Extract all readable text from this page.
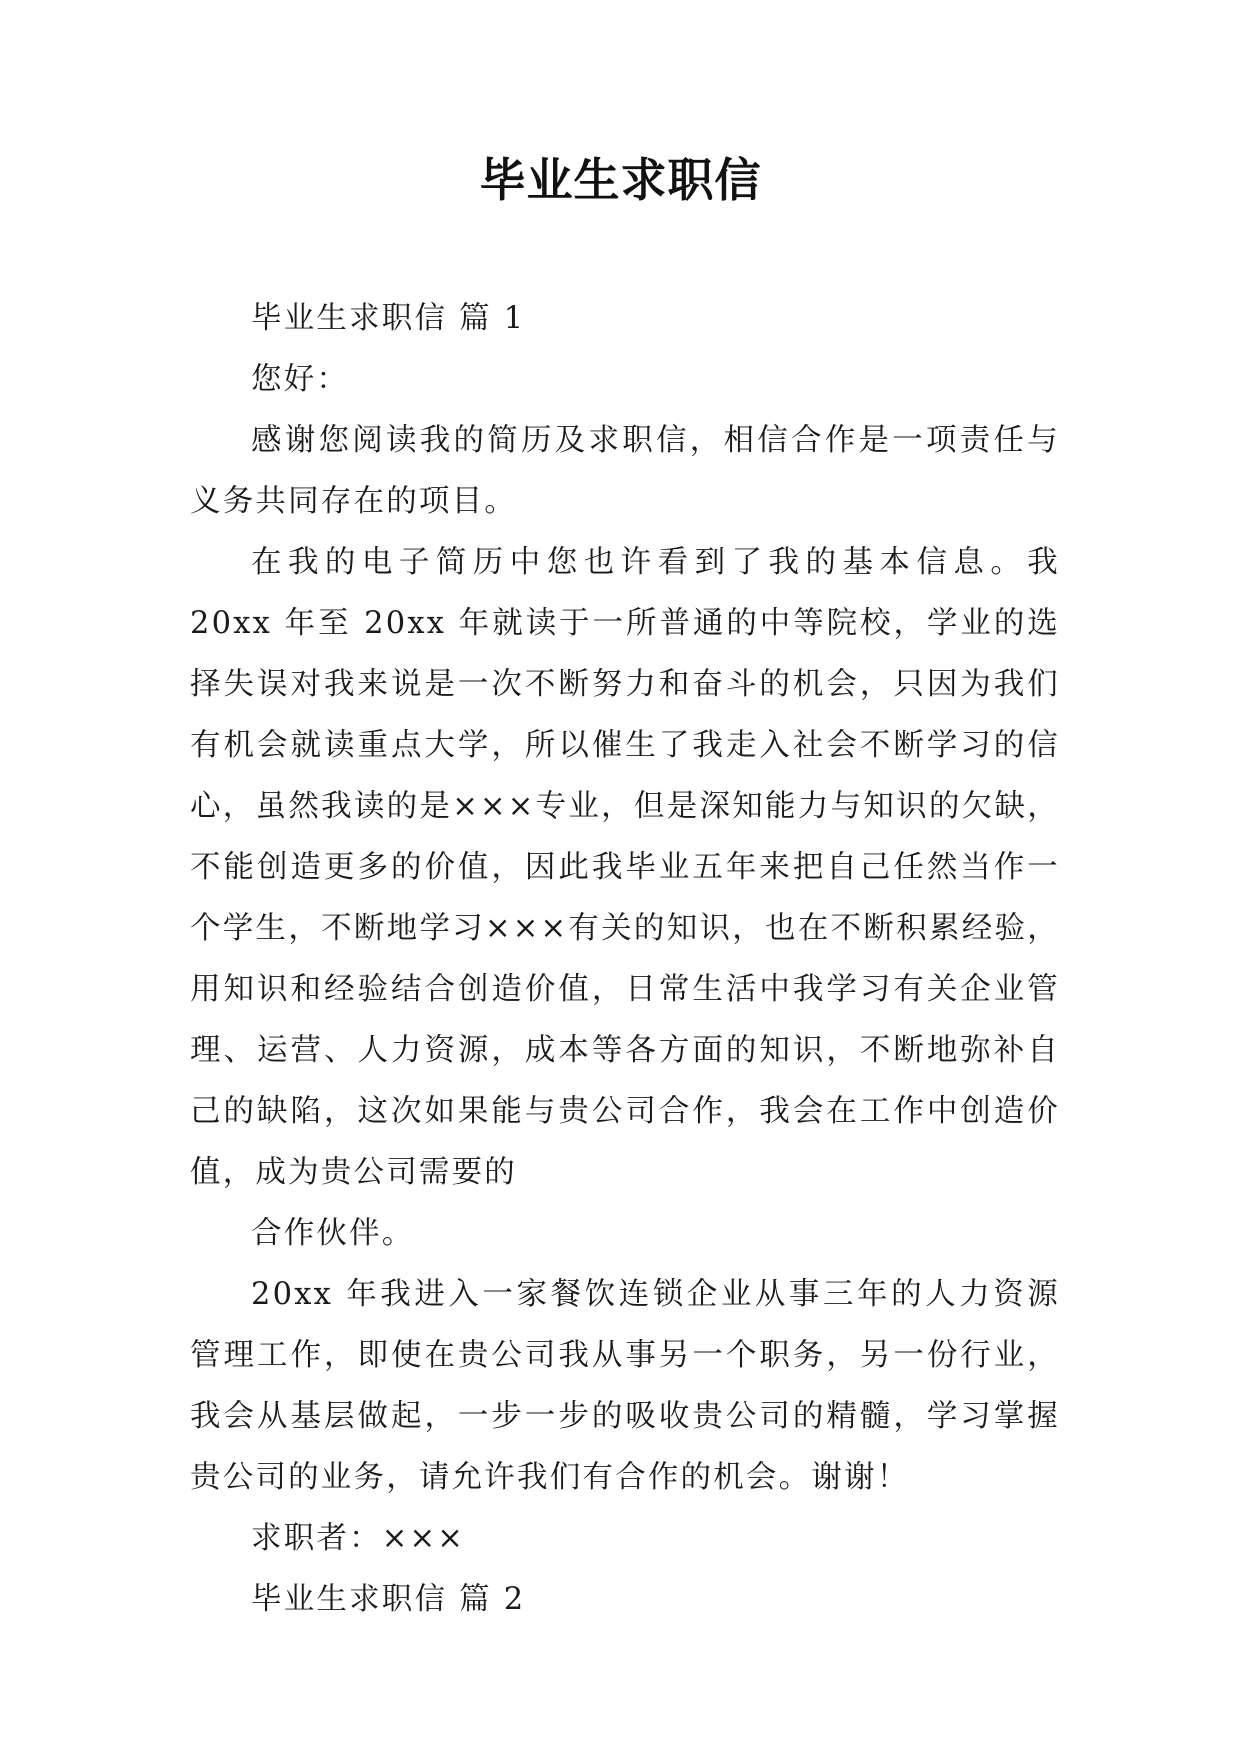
毕业生求职信

毕业生求职信 篇 1

您好：

感谢您阅读我的简历及求职信，相信合作是一项责任与义务共同存在的项目。

在我的电子简历中您也许看到了我的基本信息。我 20xx 年至 20xx 年就读于一所普通的中等院校，学业的选择失误对我来说是一次不断努力和奋斗的机会，只因为我们有机会就读重点大学，所以催生了我走入社会不断学习的信心，虽然我读的是×××专业，但是深知能力与知识的欠缺，不能创造更多的价值，因此我毕业五年来把自己任然当作一个学生，不断地学习×××有关的知识，也在不断积累经验，用知识和经验结合创造价值，日常生活中我学习有关企业管理、运营、人力资源，成本等各方面的知识，不断地弥补自己的缺陷，这次如果能与贵公司合作，我会在工作中创造价值，成为贵公司需要的

合作伙伴。

20xx 年我进入一家餐饮连锁企业从事三年的人力资源管理工作，即使在贵公司我从事另一个职务，另一份行业，我会从基层做起，一步一步的吸收贵公司的精髓，学习掌握贵公司的业务，请允许我们有合作的机会。谢谢！

求职者：×××

毕业生求职信 篇 2
